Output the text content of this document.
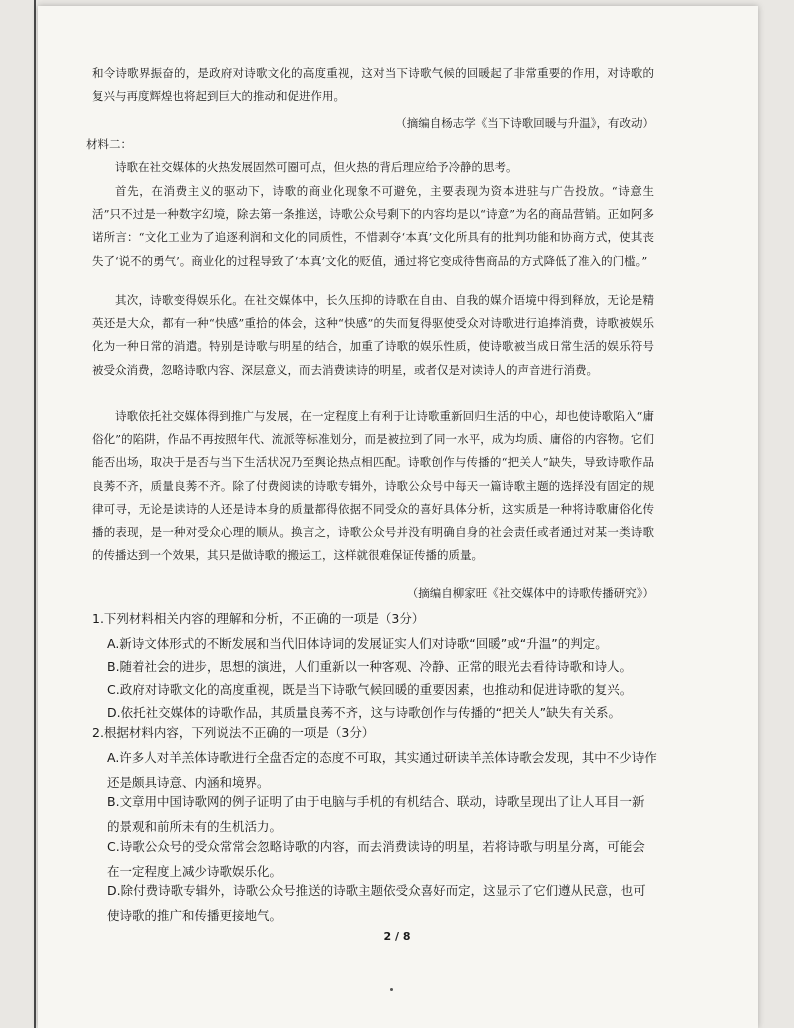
和令诗歌界振奋的，是政府对诗歌文化的高度重视，这对当下诗歌气候的回暖起了非常重要的作用，对诗歌的复兴与再度辉煌也将起到巨大的推动和促进作用。

（摘编自杨志学《当下诗歌回暖与升温》，有改动）

材料二：

诗歌在社交媒体的火热发展固然可圈可点，但火热的背后理应给予冷静的思考。

首先，在消费主义的驱动下，诗歌的商业化现象不可避免，主要表现为资本进驻与广告投放。“诗意生活”只不过是一种数字幻境，除去第一条推送，诗歌公众号剩下的内容均是以“诗意”为名的商品营销。正如阿多诺所言：“文化工业为了追逐利润和文化的同质性，不惜剥夺‘本真’文化所具有的批判功能和协商方式，使其丧失了‘说不的勇气’。商业化的过程导致了‘本真’文化的贬值，通过将它变成待售商品的方式降低了准入的门槛。”

其次，诗歌变得娱乐化。在社交媒体中，长久压抑的诗歌在自由、自我的媒介语境中得到释放，无论是精英还是大众，都有一种“快感”重拾的体会，这种“快感”的失而复得驱使受众对诗歌进行追捧消费，诗歌被娱乐化为一种日常的消遣。特别是诗歌与明星的结合，加重了诗歌的娱乐性质，使诗歌被当成日常生活的娱乐符号被受众消费，忽略诗歌内容、深层意义，而去消费读诗的明星，或者仅是对读诗人的声音进行消费。

诗歌依托社交媒体得到推广与发展，在一定程度上有利于让诗歌重新回归生活的中心，却也使诗歌陷入“庸俗化”的陷阱，作品不再按照年代、流派等标准划分，而是被拉到了同一水平，成为均质、庸俗的内容物。它们能否出场，取决于是否与当下生活状况乃至舆论热点相匹配。诗歌创作与传播的“把关人”缺失，导致诗歌作品良莠不齐，质量良莠不齐。除了付费阅读的诗歌专辑外，诗歌公众号中每天一篇诗歌主题的选择没有固定的规律可寻，无论是读诗的人还是诗本身的质量都得依据不同受众的喜好具体分析，这实质是一种将诗歌庸俗化传播的表现，是一种对受众心理的顺从。换言之，诗歌公众号并没有明确自身的社会责任或者通过对某一类诗歌的传播达到一个效果，其只是做诗歌的搬运工，这样就很难保证传播的质量。

（摘编自柳家旺《社交媒体中的诗歌传播研究》）

1.下列材料相关内容的理解和分析，不正确的一项是（3分）

A.新诗文体形式的不断发展和当代旧体诗词的发展证实人们对诗歌“回暖”或“升温”的判定。

B.随着社会的进步，思想的演进，人们重新以一种客观、冷静、正常的眼光去看待诗歌和诗人。

C.政府对诗歌文化的高度重视，既是当下诗歌气候回暖的重要因素，也推动和促进诗歌的复兴。

D.依托社交媒体的诗歌作品，其质量良莠不齐，这与诗歌创作与传播的“把关人”缺失有关系。

2.根据材料内容，下列说法不正确的一项是（3分）

A.许多人对羊羔体诗歌进行全盘否定的态度不可取，其实通过研读羊羔体诗歌会发现，其中不少诗作还是颇具诗意、内涵和境界。

B.文章用中国诗歌网的例子证明了由于电脑与手机的有机结合、联动，诗歌呈现出了让人耳目一新的景观和前所未有的生机活力。

C.诗歌公众号的受众常常会忽略诗歌的内容，而去消费读诗的明星，若将诗歌与明星分离，可能会在一定程度上减少诗歌娱乐化。

D.除付费诗歌专辑外，诗歌公众号推送的诗歌主题依受众喜好而定，这显示了它们遵从民意，也可使诗歌的推广和传播更接地气。

2 / 8
